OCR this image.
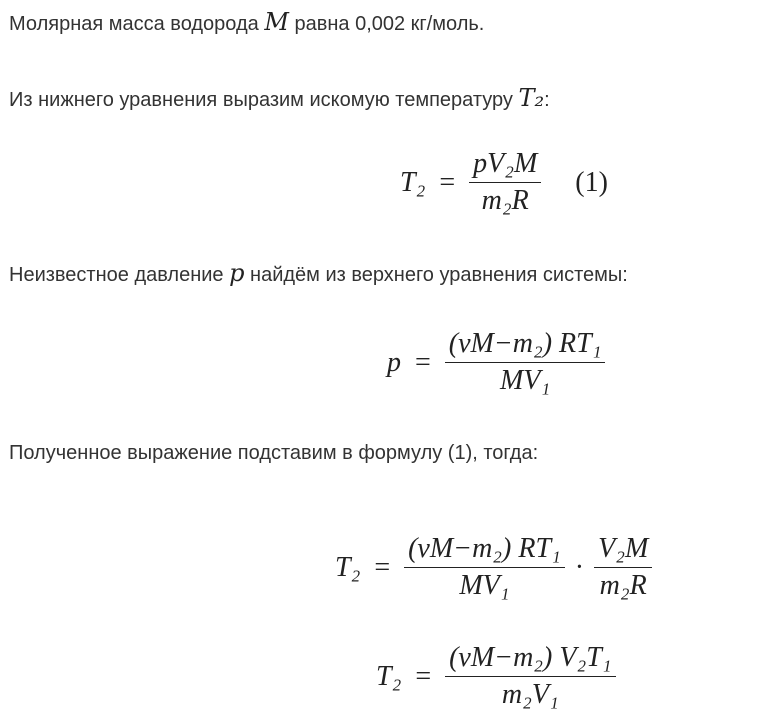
Молярная масса водорода M равна 0,002 кг/моль.
Из нижнего уравнения выразим искомую температуру T₂:
$T_2 = \frac{\text{pV₂M}}{\text{m₂R}} (1)$
Неизвестное давление p найдём из верхнего уравнения системы:
$p = \frac{\text{(νM−m₂) RT₁}}{\text{MV₁}}$
Полученное выражение подставим в формулу (1), тогда:
$T_2 = \frac{\text{(νM−m₂) RT₁}}{\text{MV₁}} \cdot \frac{\text{V₂M}}{\text{m₂R}}$
$T_2 = \frac{\text{(νM−m₂) V₂T₁}}{\text{m₂V₁}}$
